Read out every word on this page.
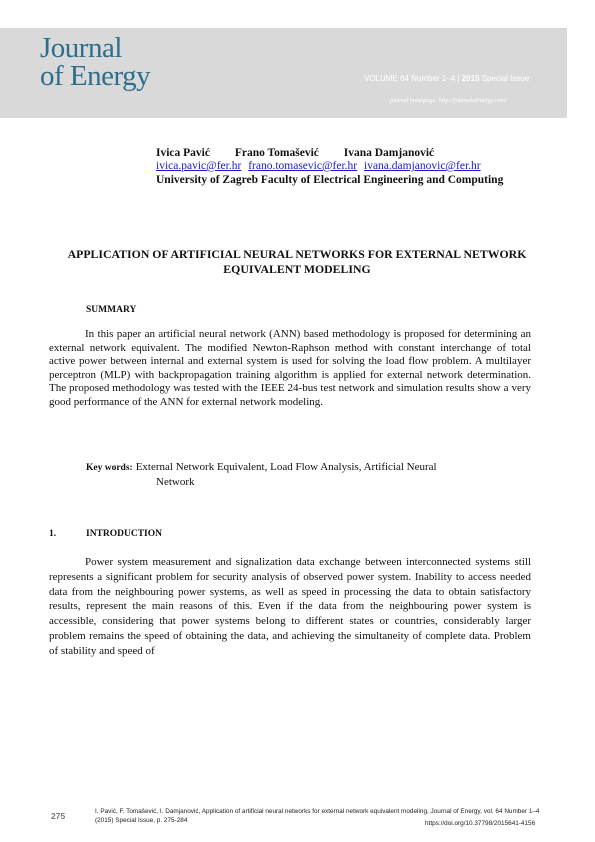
Journal
of Energy	VOLUME 64 Number 1–4 | 2015 Special Issue
journal homepage: http://journalofenergy.com/
Ivica Pavić Frano Tomašević Ivana Damjanović
ivica.pavic@fer.hr frano.tomasevic@fer.hr ivana.damjanovic@fer.hr
University of Zagreb Faculty of Electrical Engineering and Computing
APPLICATION OF ARTIFICIAL NEURAL NETWORKS FOR EXTERNAL NETWORK EQUIVALENT MODELING
SUMMARY
In this paper an artificial neural network (ANN) based methodology is proposed for determining an external network equivalent. The modified Newton-Raphson method with constant interchange of total active power between internal and external system is used for solving the load flow problem. A multilayer perceptron (MLP) with backpropagation training algorithm is applied for external network determination. The proposed methodology was tested with the IEEE 24-bus test network and simulation results show a very good performance of the ANN for external network modeling.
Key words: External Network Equivalent, Load Flow Analysis, Artificial Neural
Network
1.	INTRODUCTION
Power system measurement and signalization data exchange between interconnected systems still represents a significant problem for security analysis of observed power system. Inability to access needed data from the neighbouring power systems, as well as speed in processing the data to obtain satisfactory results, represent the main reasons of this. Even if the data from the neighbouring power system is accessible, considering that power systems belong to different states or countries, considerably larger problem remains the speed of obtaining the data, and achieving the simultaneity of complete data. Problem of stability and speed of
275	I. Pavić, F. Tomašević, I. Damjanović, Application of artificial neural networks for external network equivalent modeling, Journal of Energy, vol. 64 Number 1–4 (2015) Special Issue, p. 275-284	https://doi.org/10.37798/2015641-4156
